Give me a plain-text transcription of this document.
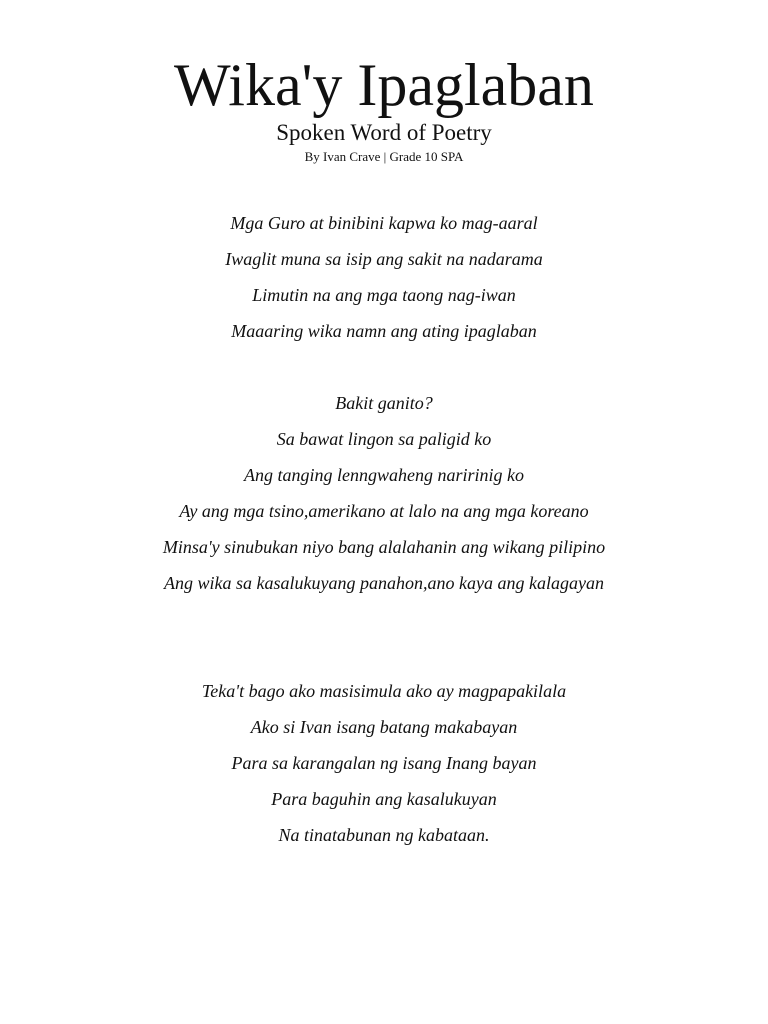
Wika'y Ipaglaban
Spoken Word of Poetry
By Ivan Crave | Grade 10 SPA
Mga Guro at binibini kapwa ko mag-aaral
Iwaglit muna sa isip ang sakit na nadarama
Limutin na ang mga taong nag-iwan
Maaaring wika namn ang ating ipaglaban
Bakit ganito?
Sa bawat lingon sa paligid ko
Ang tanging lenngwaheng naririnig ko
Ay ang mga tsino,amerikano at lalo na ang mga koreano
Minsa'y sinubukan niyo bang alalahanin ang wikang pilipino
Ang wika sa kasalukuyang panahon,ano kaya ang kalagayan
Teka't bago ako masisimula ako ay magpapakilala
Ako si Ivan isang batang makabayan
Para sa karangalan ng isang Inang bayan
Para baguhin ang kasalukuyan
Na tinatabunan ng kabataan.
